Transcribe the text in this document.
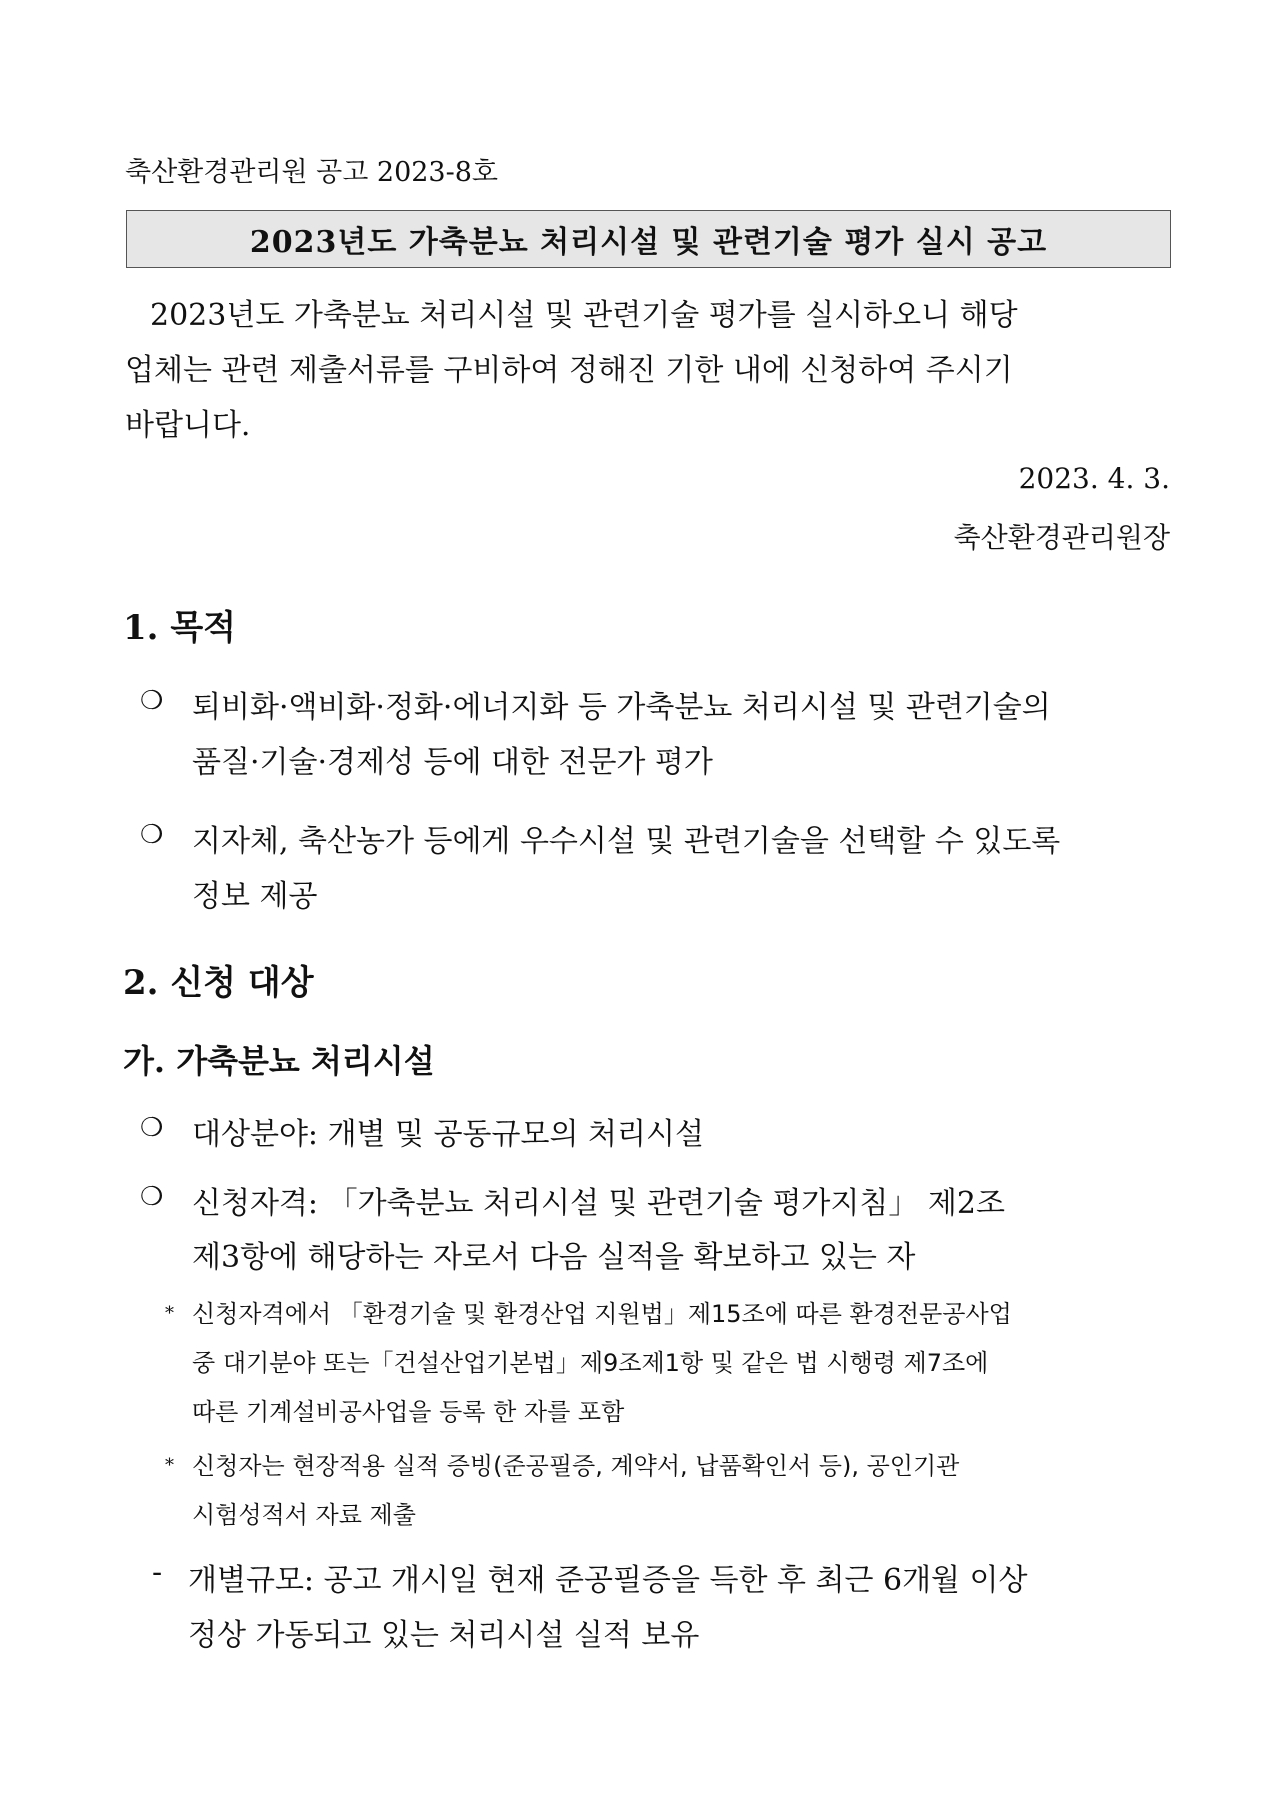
축산환경관리원 공고 2023-8호
2023년도 가축분뇨 처리시설 및 관련기술 평가 실시 공고
2023년도 가축분뇨 처리시설 및 관련기술 평가를 실시하오니 해당
업체는 관련 제출서류를 구비하여 정해진 기한 내에 신청하여 주시기
바랍니다.
2023. 4. 3.
축산환경관리원장
1. 목적
❍ 퇴비화·액비화·정화·에너지화 등 가축분뇨 처리시설 및 관련기술의
품질·기술·경제성 등에 대한 전문가 평가
❍ 지자체, 축산농가 등에게 우수시설 및 관련기술을 선택할 수 있도록
정보 제공
2. 신청 대상
가. 가축분뇨 처리시설
❍ 대상분야: 개별 및 공동규모의 처리시설
❍ 신청자격: 「가축분뇨 처리시설 및 관련기술 평가지침」 제2조
제3항에 해당하는 자로서 다음 실적을 확보하고 있는 자
* 신청자격에서 「환경기술 및 환경산업 지원법」제15조에 따른 환경전문공사업
중 대기분야 또는「건설산업기본법」제9조제1항 및 같은 법 시행령 제7조에
따른 기계설비공사업을 등록 한 자를 포함
* 신청자는 현장적용 실적 증빙(준공필증, 계약서, 납품확인서 등), 공인기관
시험성적서 자료 제출
- 개별규모: 공고 개시일 현재 준공필증을 득한 후 최근 6개월 이상
정상 가동되고 있는 처리시설 실적 보유
